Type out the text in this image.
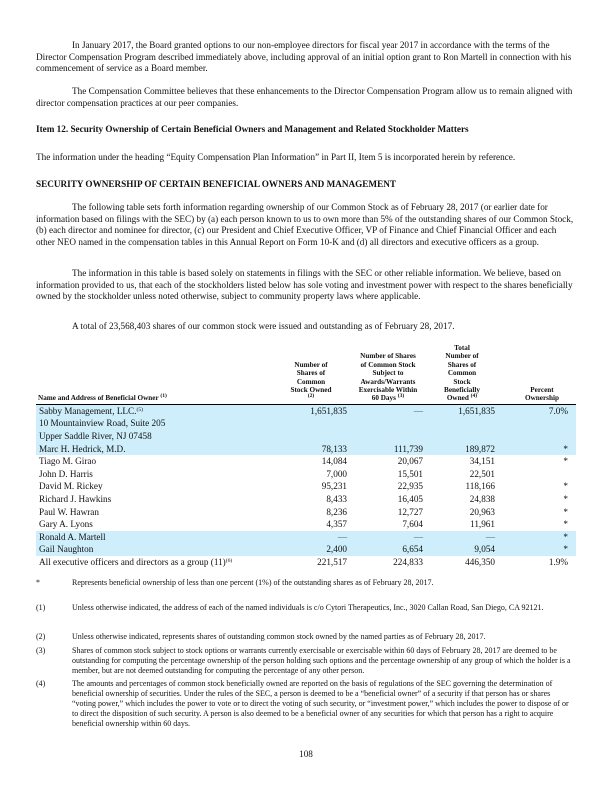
In January 2017, the Board granted options to our non-employee directors for fiscal year 2017 in accordance with the terms of the Director Compensation Program described immediately above, including approval of an initial option grant to Ron Martell in connection with his commencement of service as a Board member.

The Compensation Committee believes that these enhancements to the Director Compensation Program allow us to remain aligned with director compensation practices at our peer companies.

Item 12. Security Ownership of Certain Beneficial Owners and Management and Related Stockholder Matters

The information under the heading “Equity Compensation Plan Information” in Part II, Item 5 is incorporated herein by reference.

SECURITY OWNERSHIP OF CERTAIN BENEFICIAL OWNERS AND MANAGEMENT

The following table sets forth information regarding ownership of our Common Stock as of February 28, 2017 (or earlier date for information based on filings with the SEC) by (a) each person known to us to own more than 5% of the outstanding shares of our Common Stock, (b) each director and nominee for director, (c) our President and Chief Executive Officer, VP of Finance and Chief Financial Officer and each other NEO named in the compensation tables in this Annual Report on Form 10-K and (d) all directors and executive officers as a group.

The information in this table is based solely on statements in filings with the SEC or other reliable information. We believe, based on information provided to us, that each of the stockholders listed below has sole voting and investment power with respect to the shares beneficially owned by the stockholder unless noted otherwise, subject to community property laws where applicable.

A total of 23,568,403 shares of our common stock were issued and outstanding as of February 28, 2017.

Name and Address of Beneficial Owner $^{(1)}$	Number of Shares of Common Stock Owned $^{(2)}$	Number of Shares of Common Stock Subject to Awards/Warrants Exercisable Within 60 Days $^{(3)}$	Total Number of Shares of Common Stock Beneficially Owned $^{(4)}$	Percent Ownership
Sabby Management, LLC.$^{(5)}$	1,651,835	—	1,651,835	7.0%
10 Mountainview Road, Suite 205				
Upper Saddle River, NJ 07458				
Marc H. Hedrick, M.D.	78,133	111,739	189,872	*
Tiago M. Girao	14,084	20,067	34,151	*
John D. Harris	7,000	15,501	22,501	
David M. Rickey	95,231	22,935	118,166	*
Richard J. Hawkins	8,433	16,405	24,838	*
Paul W. Hawran	8,236	12,727	20,963	*
Gary A. Lyons	4,357	7,604	11,961	*
Ronald A. Martell	—	—	—	*
Gail Naughton	2,400	6,654	9,054	*
All executive officers and directors as a group $(11)^{(6)}$	221,517	224,833	446,350	1.9%
*	Represents beneficial ownership of less than one percent (1%) of the outstanding shares as of February 28, 2017.
(1)	Unless otherwise indicated, the address of each of the named individuals is c/o Cytori Therapeutics, Inc., 3020 Callan Road, San Diego, CA 92121.
(2)	Unless otherwise indicated, represents shares of outstanding common stock owned by the named parties as of February 28, 2017.
(3)	Shares of common stock subject to stock options or warrants currently exercisable or exercisable within 60 days of February 28, 2017 are deemed to be outstanding for computing the percentage ownership of the person holding such options and the percentage ownership of any group of which the holder is a member, but are not deemed outstanding for computing the percentage of any other person.
(4)	The amounts and percentages of common stock beneficially owned are reported on the basis of regulations of the SEC governing the determination of beneficial ownership of securities. Under the rules of the SEC, a person is deemed to be a “beneficial owner” of a security if that person has or shares “voting power,” which includes the power to vote or to direct the voting of such security, or “investment power,” which includes the power to dispose of or to direct the disposition of such security. A person is also deemed to be a beneficial owner of any securities for which that person has a right to acquire beneficial ownership within 60 days.
108
